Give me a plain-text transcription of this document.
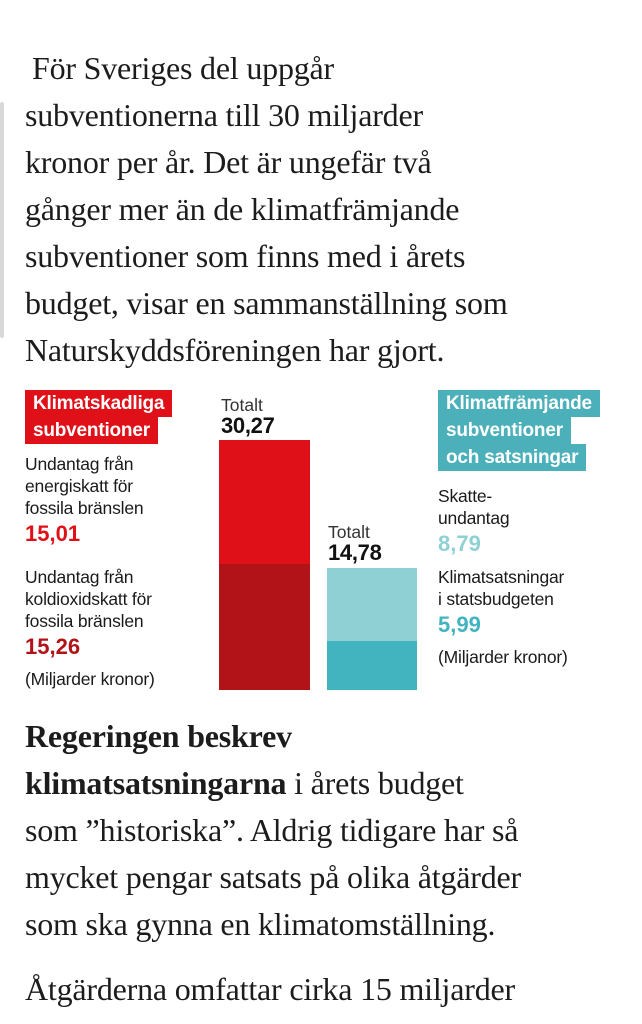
För Sveriges del uppgår
subventionerna till 30 miljarder
kronor per år. Det är ungefär två
gånger mer än de klimatfrämjande
subventioner som finns med i årets
budget, visar en sammanställning som
Naturskyddsföreningen har gjort.
Klimatskadliga
subventioner
Undantag från
energiskatt för
fossila bränslen
15,01
Undantag från
koldioxidskatt för
fossila bränslen
15,26
(Miljarder kronor)
Totalt
30,27
Totalt
14,78
Klimatfrämjande
subventioner
och satsningar
Skatte-
undantag
8,79
Klimatsatsningar
i statsbudgeten
5,99
(Miljarder kronor)
Regeringen beskrev
klimatsatsningarna i årets budget
som ”historiska”. Aldrig tidigare har så
mycket pengar satsats på olika åtgärder
som ska gynna en klimatomställning.
Åtgärderna omfattar cirka 15 miljarder
